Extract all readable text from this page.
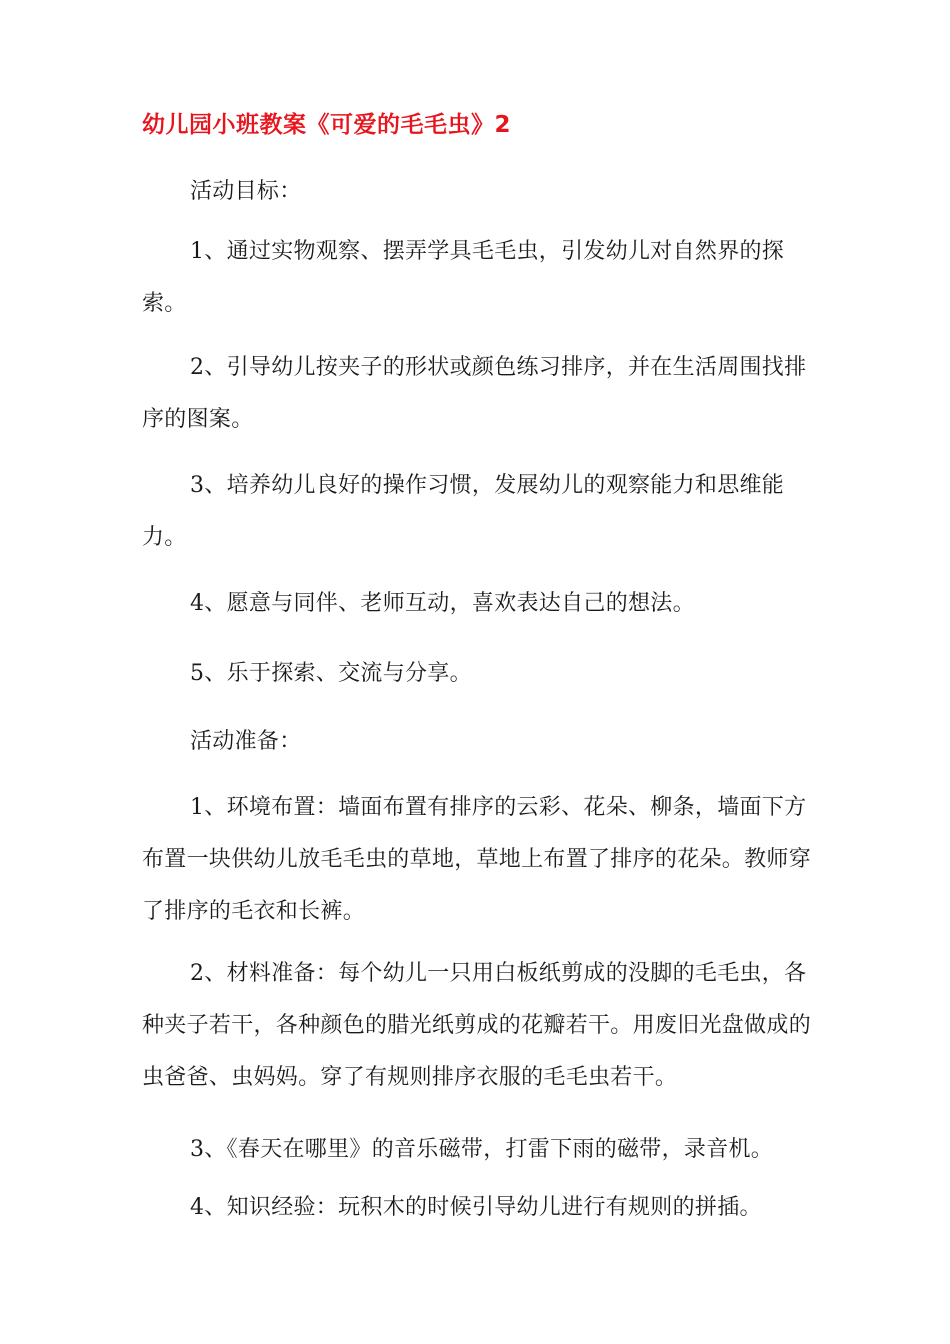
幼儿园小班教案《可爱的毛毛虫》2

活动目标：

1、通过实物观察、摆弄学具毛毛虫，引发幼儿对自然界的探索。

2、引导幼儿按夹子的形状或颜色练习排序，并在生活周围找排序的图案。

3、培养幼儿良好的操作习惯，发展幼儿的观察能力和思维能力。

4、愿意与同伴、老师互动，喜欢表达自己的想法。

5、乐于探索、交流与分享。

活动准备：

1、环境布置：墙面布置有排序的云彩、花朵、柳条，墙面下方布置一块供幼儿放毛毛虫的草地，草地上布置了排序的花朵。教师穿了排序的毛衣和长裤。

2、材料准备：每个幼儿一只用白板纸剪成的没脚的毛毛虫，各种夹子若干，各种颜色的腊光纸剪成的花瓣若干。用废旧光盘做成的虫爸爸、虫妈妈。穿了有规则排序衣服的毛毛虫若干。

3、《春天在哪里》的音乐磁带，打雷下雨的磁带，录音机。

4、知识经验：玩积木的时候引导幼儿进行有规则的拼插。
